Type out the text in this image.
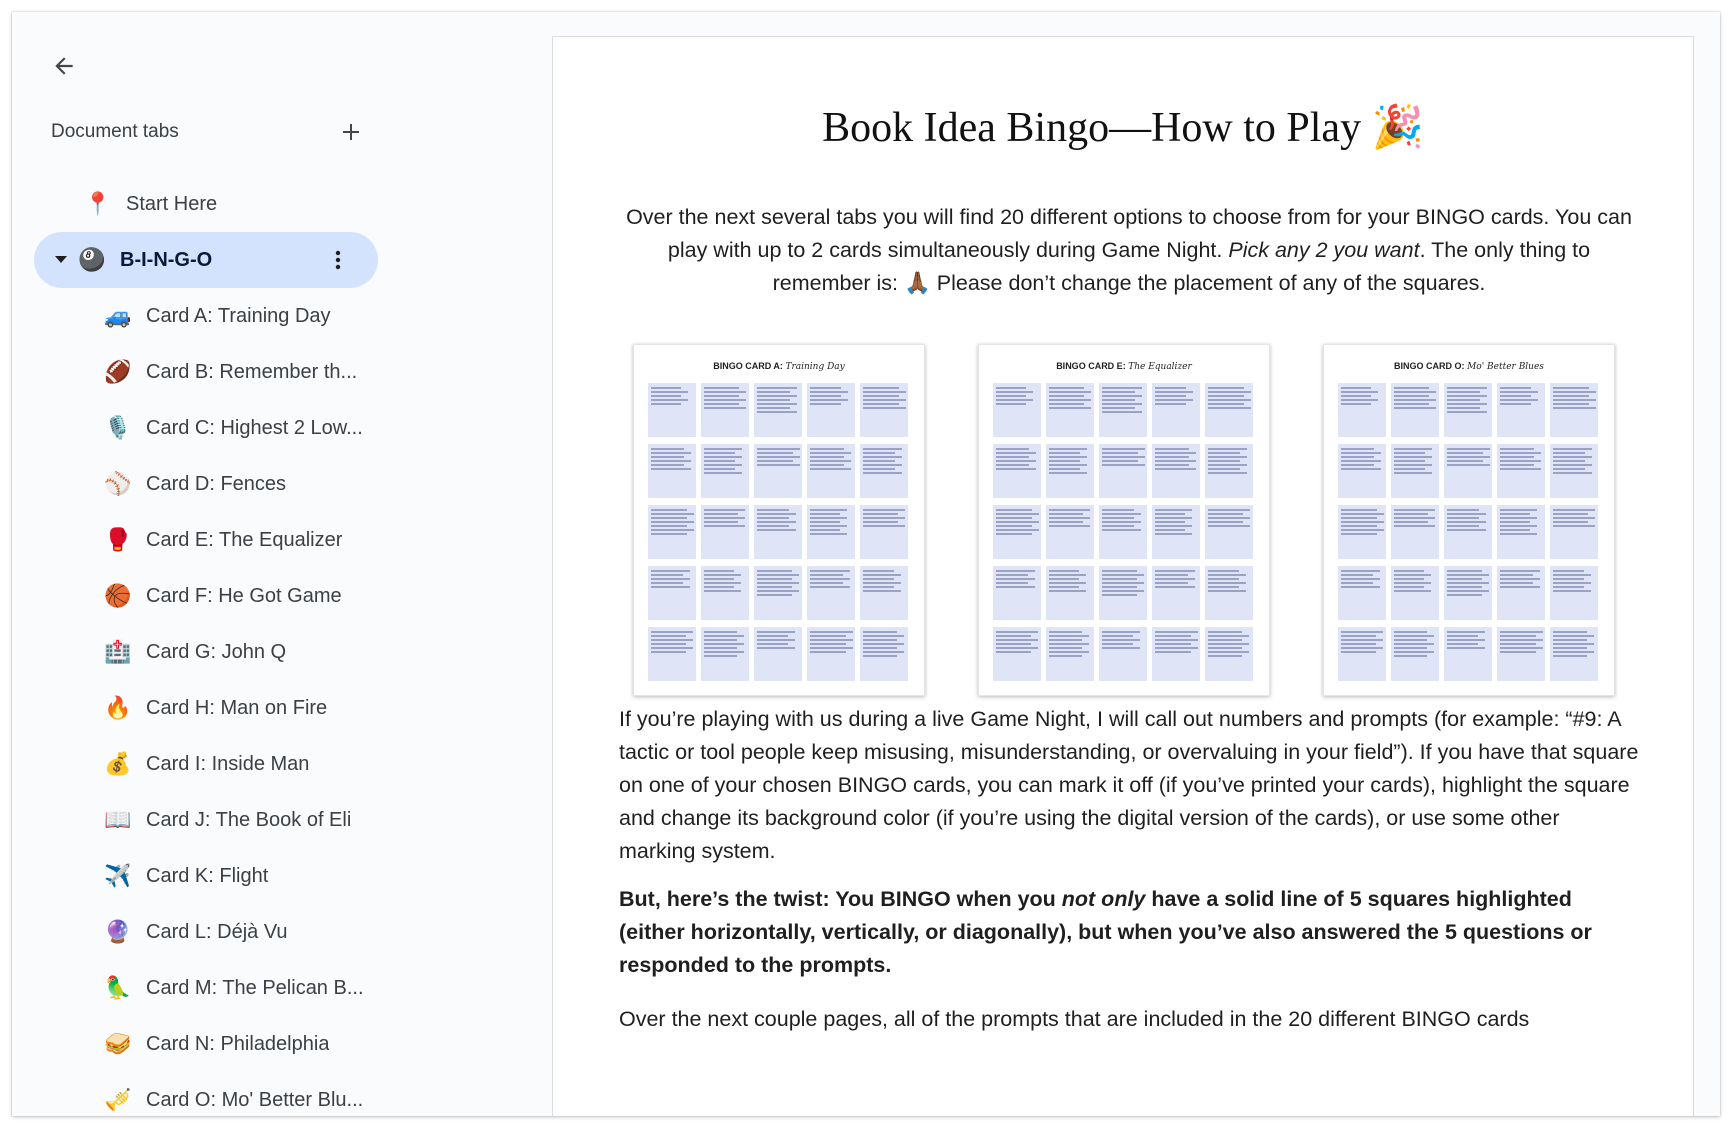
Document tabs
📍 Start Here
🎱 B-I-N-G-O
🚙 Card A: Training Day
🏈 Card B: Remember th...
🎙️ Card C: Highest 2 Low...
⚾ Card D: Fences
🥊 Card E: The Equalizer
🏀 Card F: He Got Game
🏥 Card G: John Q
🔥 Card H: Man on Fire
💰 Card I: Inside Man
📖 Card J: The Book of Eli
✈️ Card K: Flight
🔮 Card L: Déjà Vu
🦜 Card M: The Pelican B...
🥪 Card N: Philadelphia
🎺 Card O: Mo' Better Blu...
Book Idea Bingo—How to Play 🎉
Over the next several tabs you will find 20 different options to choose from for your BINGO cards. You can play with up to 2 cards simultaneously during Game Night. Pick any 2 you want. The only thing to remember is: 🙏🏾 Please don’t change the placement of any of the squares.
BINGO CARD A: Training Day	BINGO CARD E: The Equalizer	BINGO CARD O: Mo' Better Blues
If you’re playing with us during a live Game Night, I will call out numbers and prompts (for example: “#9: A tactic or tool people keep misusing, misunderstanding, or overvaluing in your field”). If you have that square on one of your chosen BINGO cards, you can mark it off (if you’ve printed your cards), highlight the square and change its background color (if you’re using the digital version of the cards), or use some other marking system.
But, here’s the twist: You BINGO when you not only have a solid line of 5 squares highlighted (either horizontally, vertically, or diagonally), but when you’ve also answered the 5 questions or responded to the prompts.
Over the next couple pages, all of the prompts that are included in the 20 different BINGO cards
